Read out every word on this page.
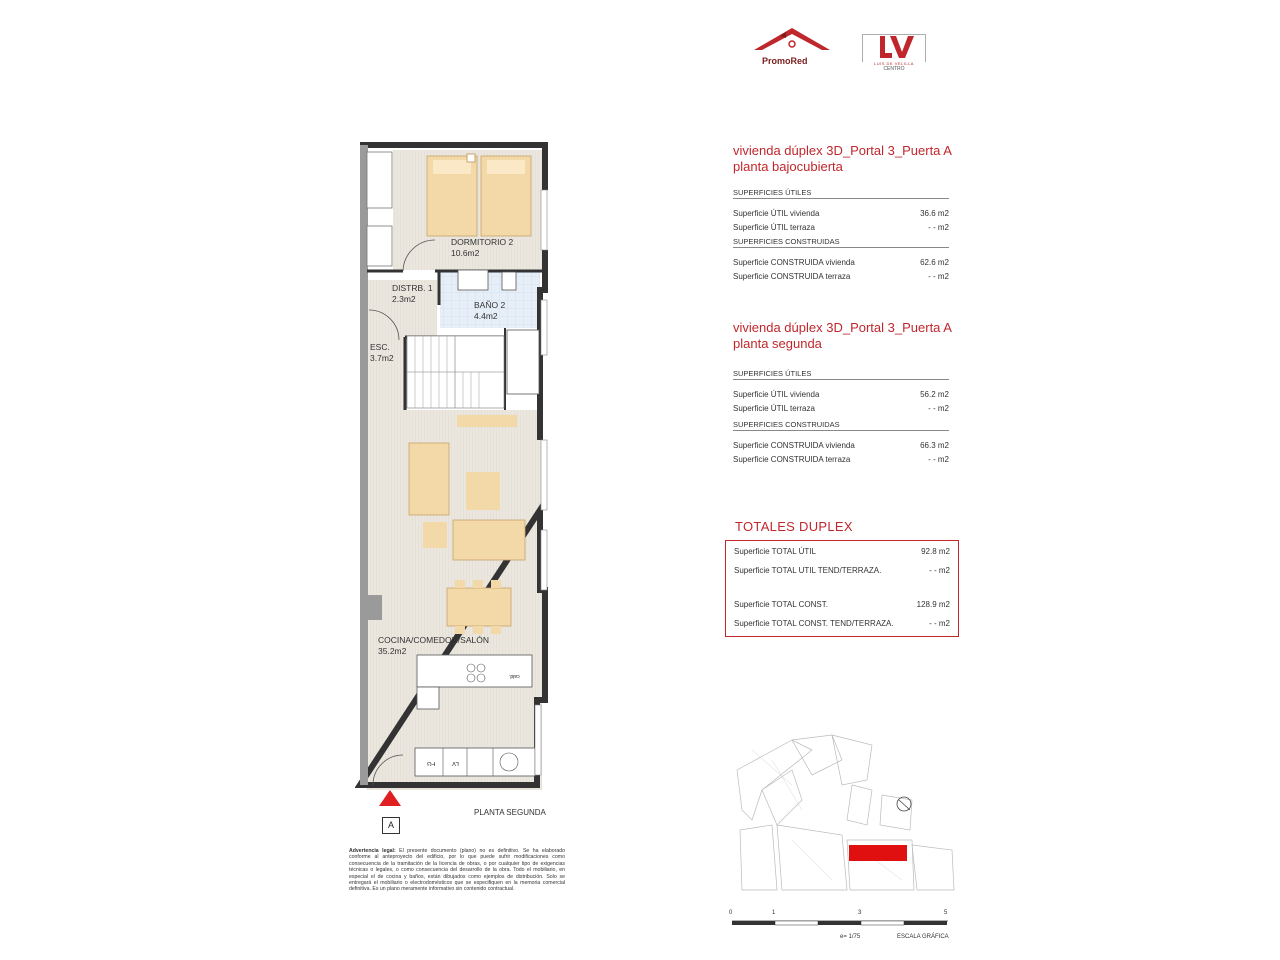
PromoRed	LUIS DE VELILLA
CENTRO
DORMITORIO 2
10.6m2
DISTRB. 1
2.3m2
BAÑO 2
4.4m2
ESC.
3.7m2
COCINA/COMEDOR/SALÓN
35.2m2
FG	LV
cald.
A
PLANTA SEGUNDA
Advertencia legal: El presente documento (plano) no es definitivo. Se ha elaborado conforme al anteproyecto del edificio, por lo que puede sufrir modificaciones como consecuencia de la tramitación de la licencia de obras, o por cualquier tipo de exigencias técnicas o legales, o como consecuencia del desarrollo de la obra. Todo el mobiliario, en especial el de cocina y baños, están dibujados como ejemplos de distribución. Solo se entregará el mobiliario o electrodomésticos que se especifiquen en la memoria comercial definitiva. Es un plano meramente informativo sin contenido contractual.
vivienda dúplex 3D_Portal 3_Puerta A
planta bajocubierta
SUPERFICIES ÚTILES
Superficie ÚTIL vivienda	36.6 m2
Superficie ÚTIL terraza	- - m2
SUPERFICIES CONSTRUIDAS
Superficie CONSTRUIDA vivienda	62.6 m2
Superficie CONSTRUIDA terraza	- - m2
vivienda dúplex 3D_Portal 3_Puerta A
planta segunda
SUPERFICIES ÚTILES
Superficie ÚTIL vivienda	56.2 m2
Superficie ÚTIL terraza	- - m2
SUPERFICIES CONSTRUIDAS
Superficie CONSTRUIDA vivienda	66.3 m2
Superficie CONSTRUIDA terraza	- - m2
TOTALES DUPLEX
Superficie TOTAL ÚTIL	92.8 m2
Superficie TOTAL UTIL TEND/TERRAZA.	- - m2
Superficie TOTAL CONST.	128.9 m2
Superficie TOTAL CONST. TEND/TERRAZA.	- - m2
0	1	3	5
e= 1/75	ESCALA GRÁFICA
